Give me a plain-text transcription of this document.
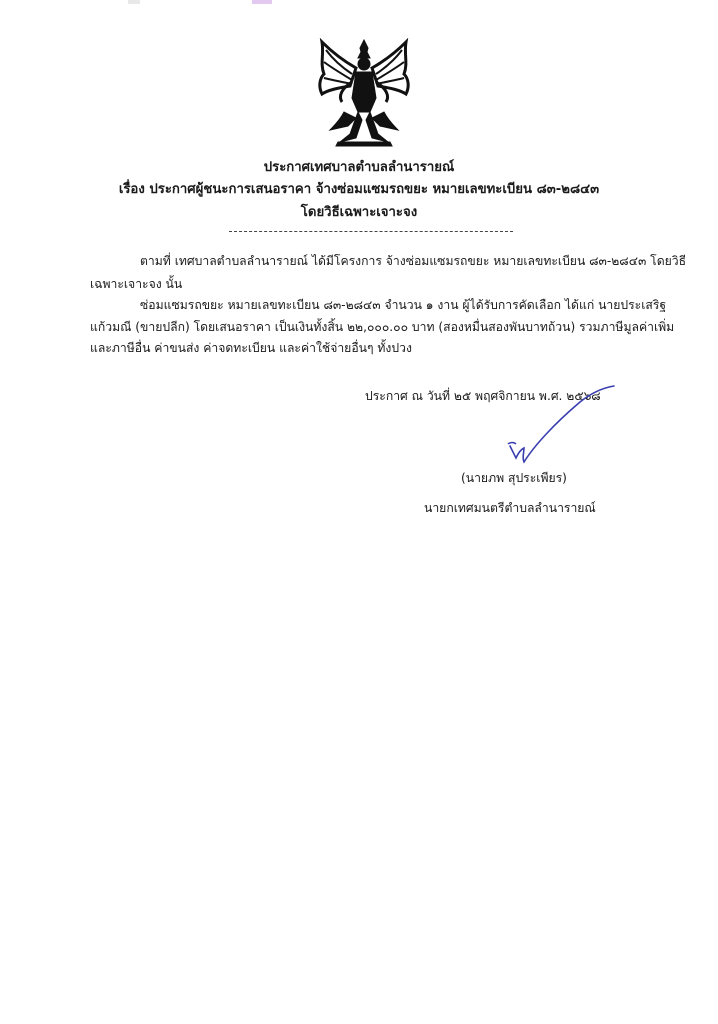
ประกาศเทศบาลตำบลลำนารายณ์
เรื่อง ประกาศผู้ชนะการเสนอราคา จ้างซ่อมแซมรถขยะ หมายเลขทะเบียน ๘๓-๒๘๔๓
โดยวิธีเฉพาะเจาะจง
ตามที่ เทศบาลตำบลลำนารายณ์ ได้มีโครงการ จ้างซ่อมแซมรถขยะ หมายเลขทะเบียน ๘๓-๒๘๔๓ โดยวิธี
เฉพาะเจาะจง นั้น
ซ่อมแซมรถขยะ หมายเลขทะเบียน ๘๓-๒๘๔๓ จำนวน ๑ งาน ผู้ได้รับการคัดเลือก ได้แก่ นายประเสริฐ
แก้วมณี (ขายปลีก) โดยเสนอราคา เป็นเงินทั้งสิ้น ๒๒,๐๐๐.๐๐ บาท (สองหมื่นสองพันบาทถ้วน) รวมภาษีมูลค่าเพิ่ม
และภาษีอื่น ค่าขนส่ง ค่าจดทะเบียน และค่าใช้จ่ายอื่นๆ ทั้งปวง
ประกาศ ณ วันที่ ๒๕ พฤศจิกายน พ.ศ. ๒๕๖๘
(นายภพ สุประเพียร)
นายกเทศมนตรีตำบลลำนารายณ์
